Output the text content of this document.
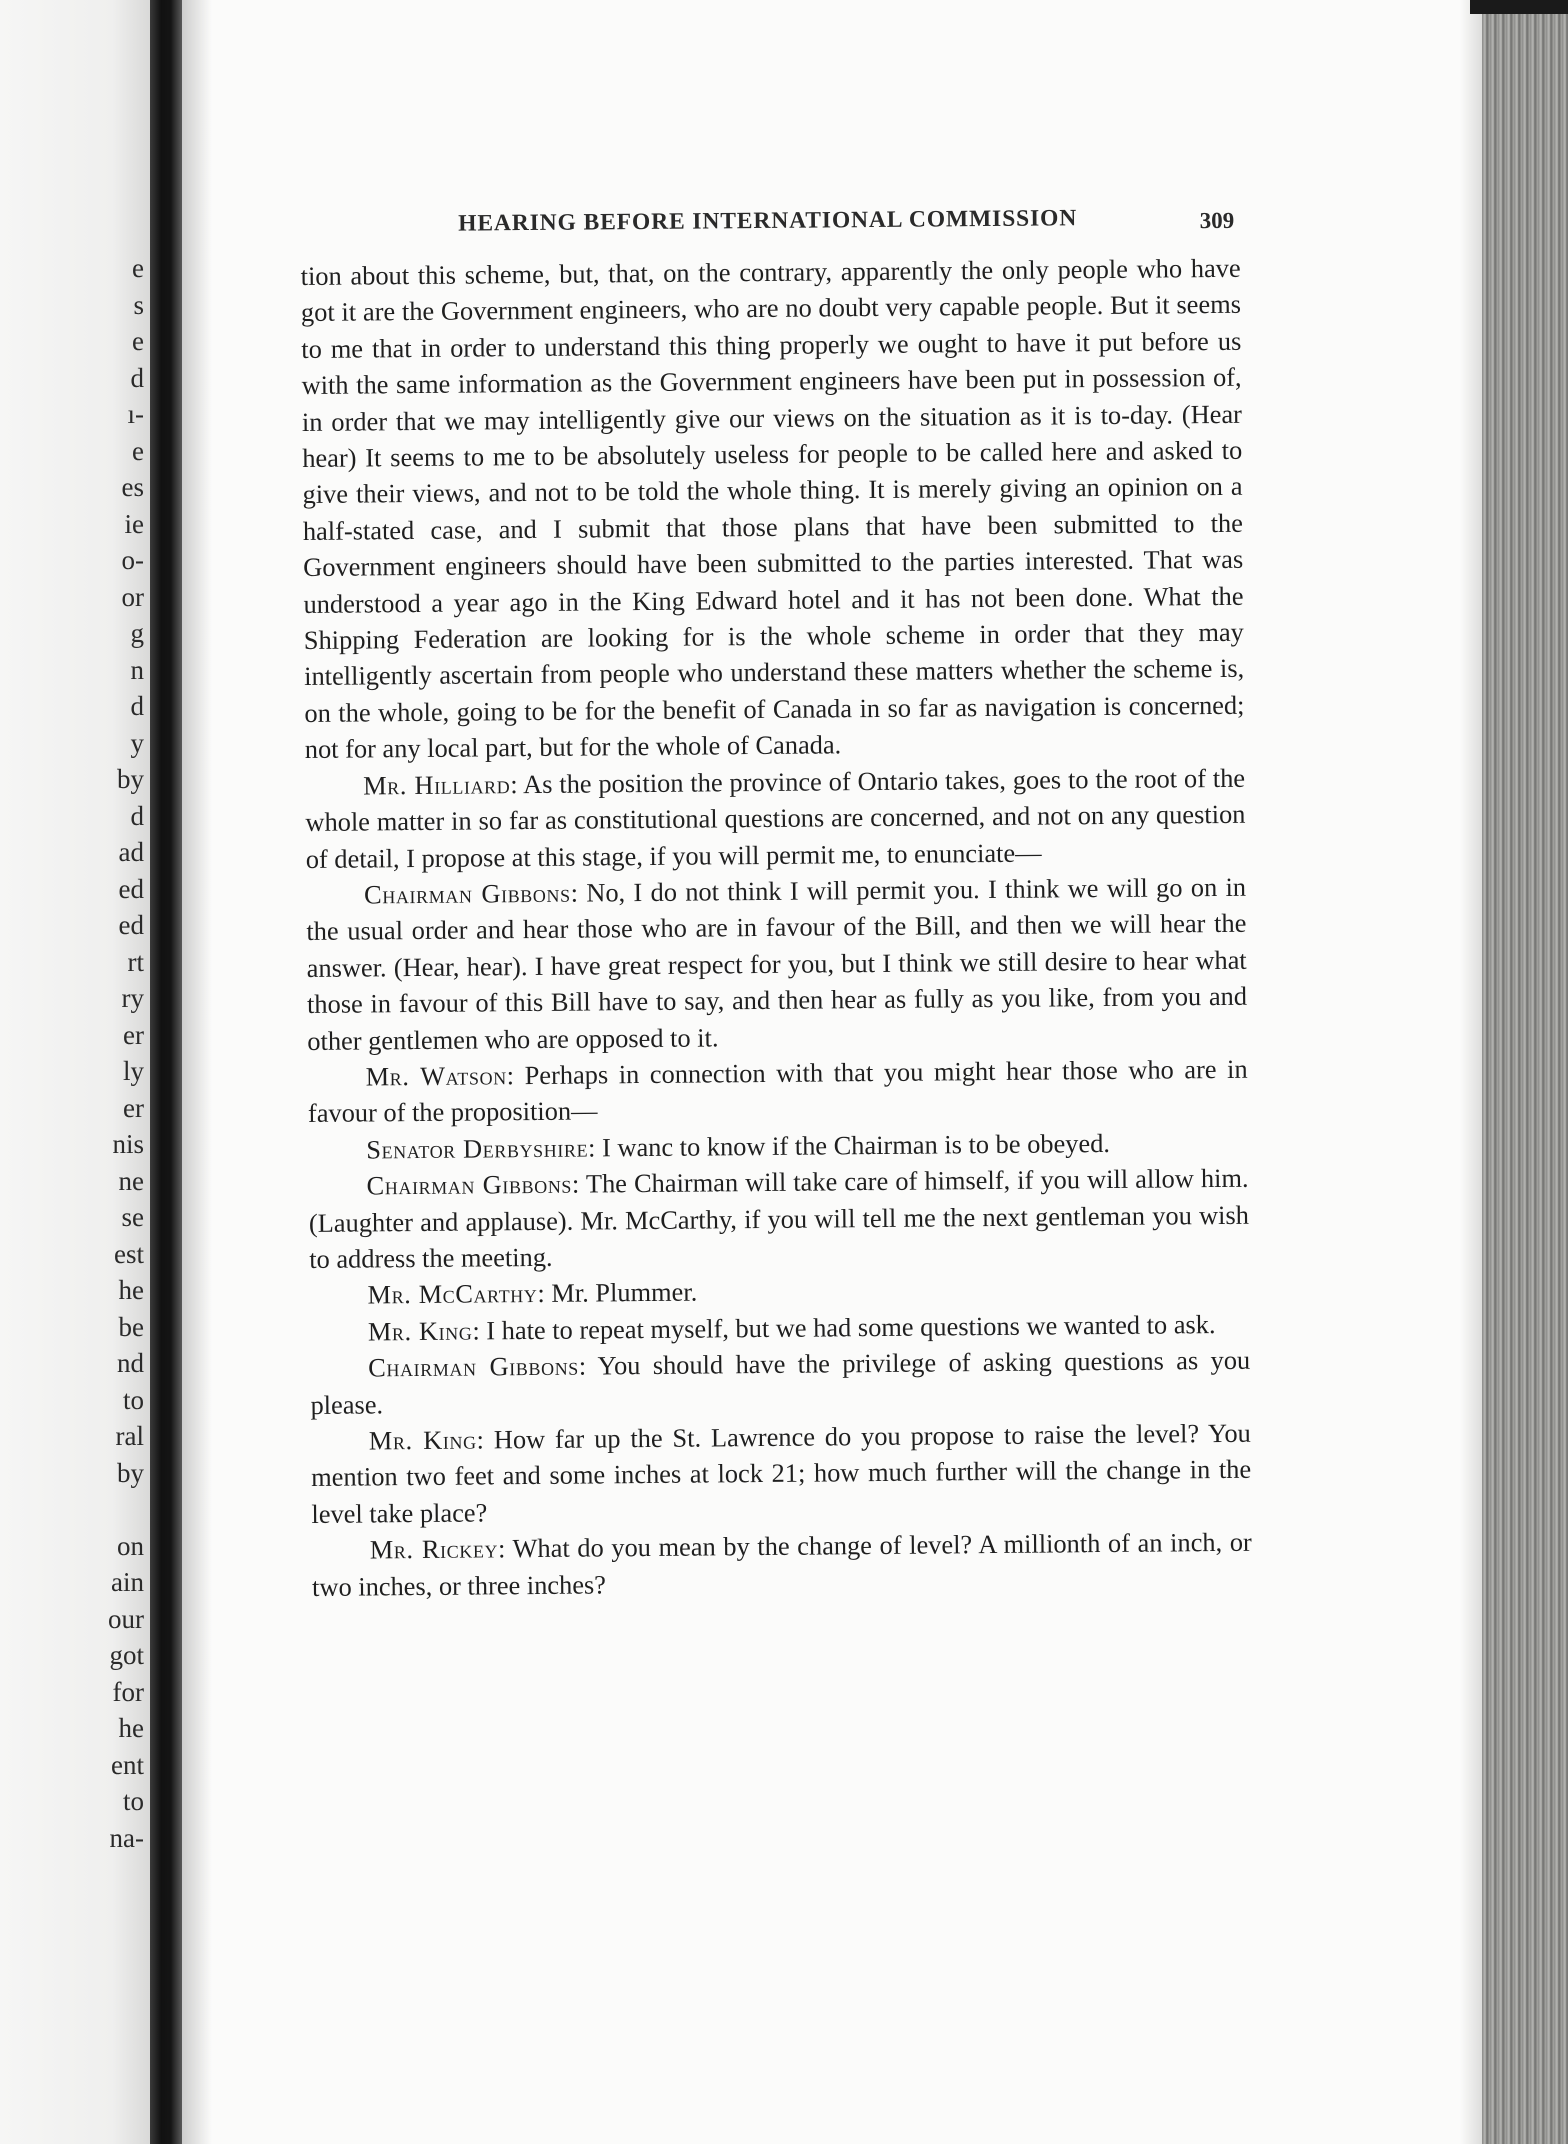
e
s
e
d
ı-
e
es
ie
o-
or
g
n
d
y
by
d
ad
ed
ed
rt
ry
er
ly
er
nis
ne
se
est
he
be
nd
to
ral
by
on
ain
our
got
for
he
ent
to
na-
HEARING BEFORE INTERNATIONAL COMMISSION	309

tion about this scheme, but, that, on the contrary, apparently the only people who have got it are the Government engineers, who are no doubt very capable people. But it seems to me that in order to understand this thing properly we ought to have it put before us with the same information as the Government engineers have been put in possession of, in order that we may intelligently give our views on the situation as it is to-day. (Hear hear) It seems to me to be absolutely useless for people to be called here and asked to give their views, and not to be told the whole thing. It is merely giving an opinion on a half-stated case, and I submit that those plans that have been submitted to the Government engineers should have been submitted to the parties interested. That was understood a year ago in the King Edward hotel and it has not been done. What the Shipping Federation are looking for is the whole scheme in order that they may intelligently ascertain from people who understand these matters whether the scheme is, on the whole, going to be for the benefit of Canada in so far as navigation is concerned; not for any local part, but for the whole of Canada.

Mr. Hilliard: As the position the province of Ontario takes, goes to the root of the whole matter in so far as constitutional questions are concerned, and not on any question of detail, I propose at this stage, if you will permit me, to enunciate—

Chairman Gibbons: No, I do not think I will permit you. I think we will go on in the usual order and hear those who are in favour of the Bill, and then we will hear the answer. (Hear, hear). I have great respect for you, but I think we still desire to hear what those in favour of this Bill have to say, and then hear as fully as you like, from you and other gentlemen who are opposed to it.

Mr. Watson: Perhaps in connection with that you might hear those who are in favour of the proposition—

Senator Derbyshire: I wanc to know if the Chairman is to be obeyed.

Chairman Gibbons: The Chairman will take care of himself, if you will allow him. (Laughter and applause). Mr. McCarthy, if you will tell me the next gentleman you wish to address the meeting.

Mr. McCarthy: Mr. Plummer.

Mr. King: I hate to repeat myself, but we had some questions we wanted to ask.

Chairman Gibbons: You should have the privilege of asking questions as you please.

Mr. King: How far up the St. Lawrence do you propose to raise the level? You mention two feet and some inches at lock 21; how much further will the change in the level take place?

Mr. Rickey: What do you mean by the change of level? A millionth of an inch, or two inches, or three inches?
